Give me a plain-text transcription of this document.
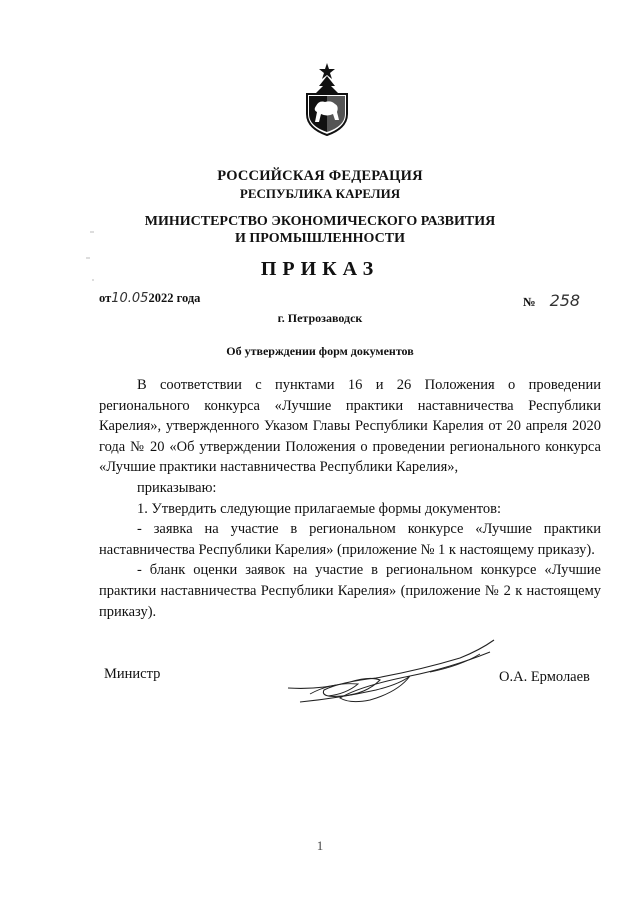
РОССИЙСКАЯ ФЕДЕРАЦИЯ
РЕСПУБЛИКА КАРЕЛИЯ
МИНИСТЕРСТВО ЭКОНОМИЧЕСКОГО РАЗВИТИЯ
И ПРОМЫШЛЕННОСТИ
ПРИКАЗ
от10.052022 года	№ 258
г. Петрозаводск
Об утверждении форм документов

В соответствии с пунктами 16 и 26 Положения о проведении регионального конкурса «Лучшие практики наставничества Республики Карелия», утвержденного Указом Главы Республики Карелия от 20 апреля 2020 года № 20 «Об утверждении Положения о проведении регионального конкурса «Лучшие практики наставничества Республики Карелия»,

приказываю:

1. Утвердить следующие прилагаемые формы документов:

- заявка на участие в региональном конкурсе «Лучшие практики наставничества Республики Карелия» (приложение № 1 к настоящему приказу).

- бланк оценки заявок на участие в региональном конкурсе «Лучшие практики наставничества Республики Карелия» (приложение № 2 к настоящему приказу).

Министр	О.А. Ермолаев
1
